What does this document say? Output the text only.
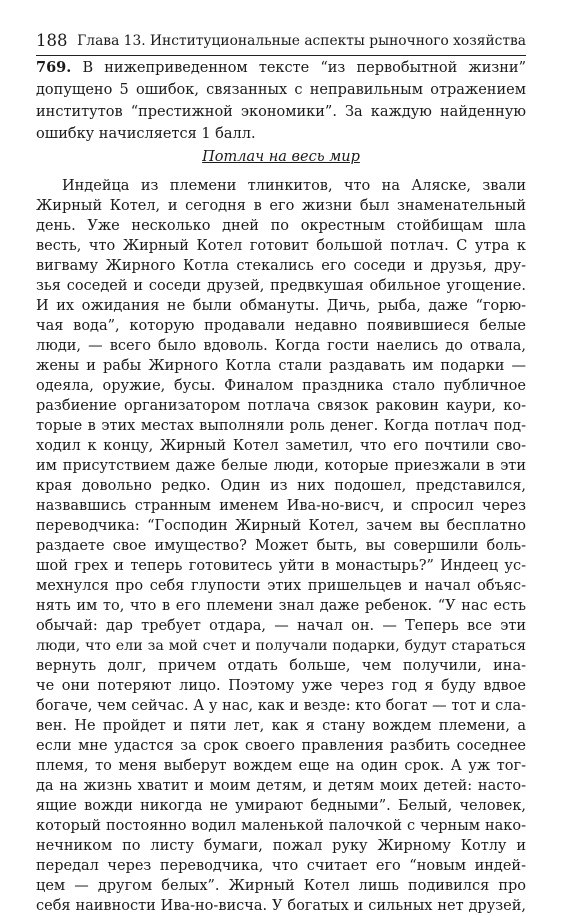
188 Глава 13. Институциональные аспекты рыночного хозяйства
769. В нижеприведенном тексте “из первобытной жизни” допущено 5 ошибок, связанных с неправильным отражением институтов “престижной экономики”. За каждую найденную ошибку начисляется 1 балл.
Потлач на весь мир
Индейца из племени тлинкитов, что на Аляске, звали
Жирный Котел, и сегодня в его жизни был знаменательный
день. Уже несколько дней по окрестным стойбищам шла
весть, что Жирный Котел готовит большой потлач. С утра к
вигваму Жирного Котла стекались его соседи и друзья, дру-
зья соседей и соседи друзей, предвкушая обильное угощение.
И их ожидания не были обмануты. Дичь, рыба, даже “горю-
чая вода”, которую продавали недавно появившиеся белые
люди, — всего было вдоволь. Когда гости наелись до отвала,
жены и рабы Жирного Котла стали раздавать им подарки —
одеяла, оружие, бусы. Финалом праздника стало публичное
разбиение организатором потлача связок раковин каури, ко-
торые в этих местах выполняли роль денег. Когда потлач под-
ходил к концу, Жирный Котел заметил, что его почтили сво-
им присутствием даже белые люди, которые приезжали в эти
края довольно редко. Один из них подошел, представился,
назвавшись странным именем Ива-но-висч, и спросил через
переводчика: “Господин Жирный Котел, зачем вы бесплатно
раздаете свое имущество? Может быть, вы совершили боль-
шой грех и теперь готовитесь уйти в монастырь?” Индеец ус-
мехнулся про себя глупости этих пришельцев и начал объяс-
нять им то, что в его племени знал даже ребенок. “У нас есть
обычай: дар требует отдара, — начал он. — Теперь все эти
люди, что ели за мой счет и получали подарки, будут стараться
вернуть долг, причем отдать больше, чем получили, ина-
че они потеряют лицо. Поэтому уже через год я буду вдвое
богаче, чем сейчас. А у нас, как и везде: кто богат — тот и сла-
вен. Не пройдет и пяти лет, как я стану вождем племени, а
если мне удастся за срок своего правления разбить соседнее
племя, то меня выберут вождем еще на один срок. А уж тог-
да на жизнь хватит и моим детям, и детям моих детей: насто-
ящие вожди никогда не умирают бедными”. Белый, человек,
который постоянно водил маленькой палочкой с черным нако-
нечником по листу бумаги, пожал руку Жирному Котлу и
передал через переводчика, что считает его “новым индей-
цем — другом белых”. Жирный Котел лишь подивился про
себя наивности Ива-но-висча. У богатых и сильных нет друзей,
